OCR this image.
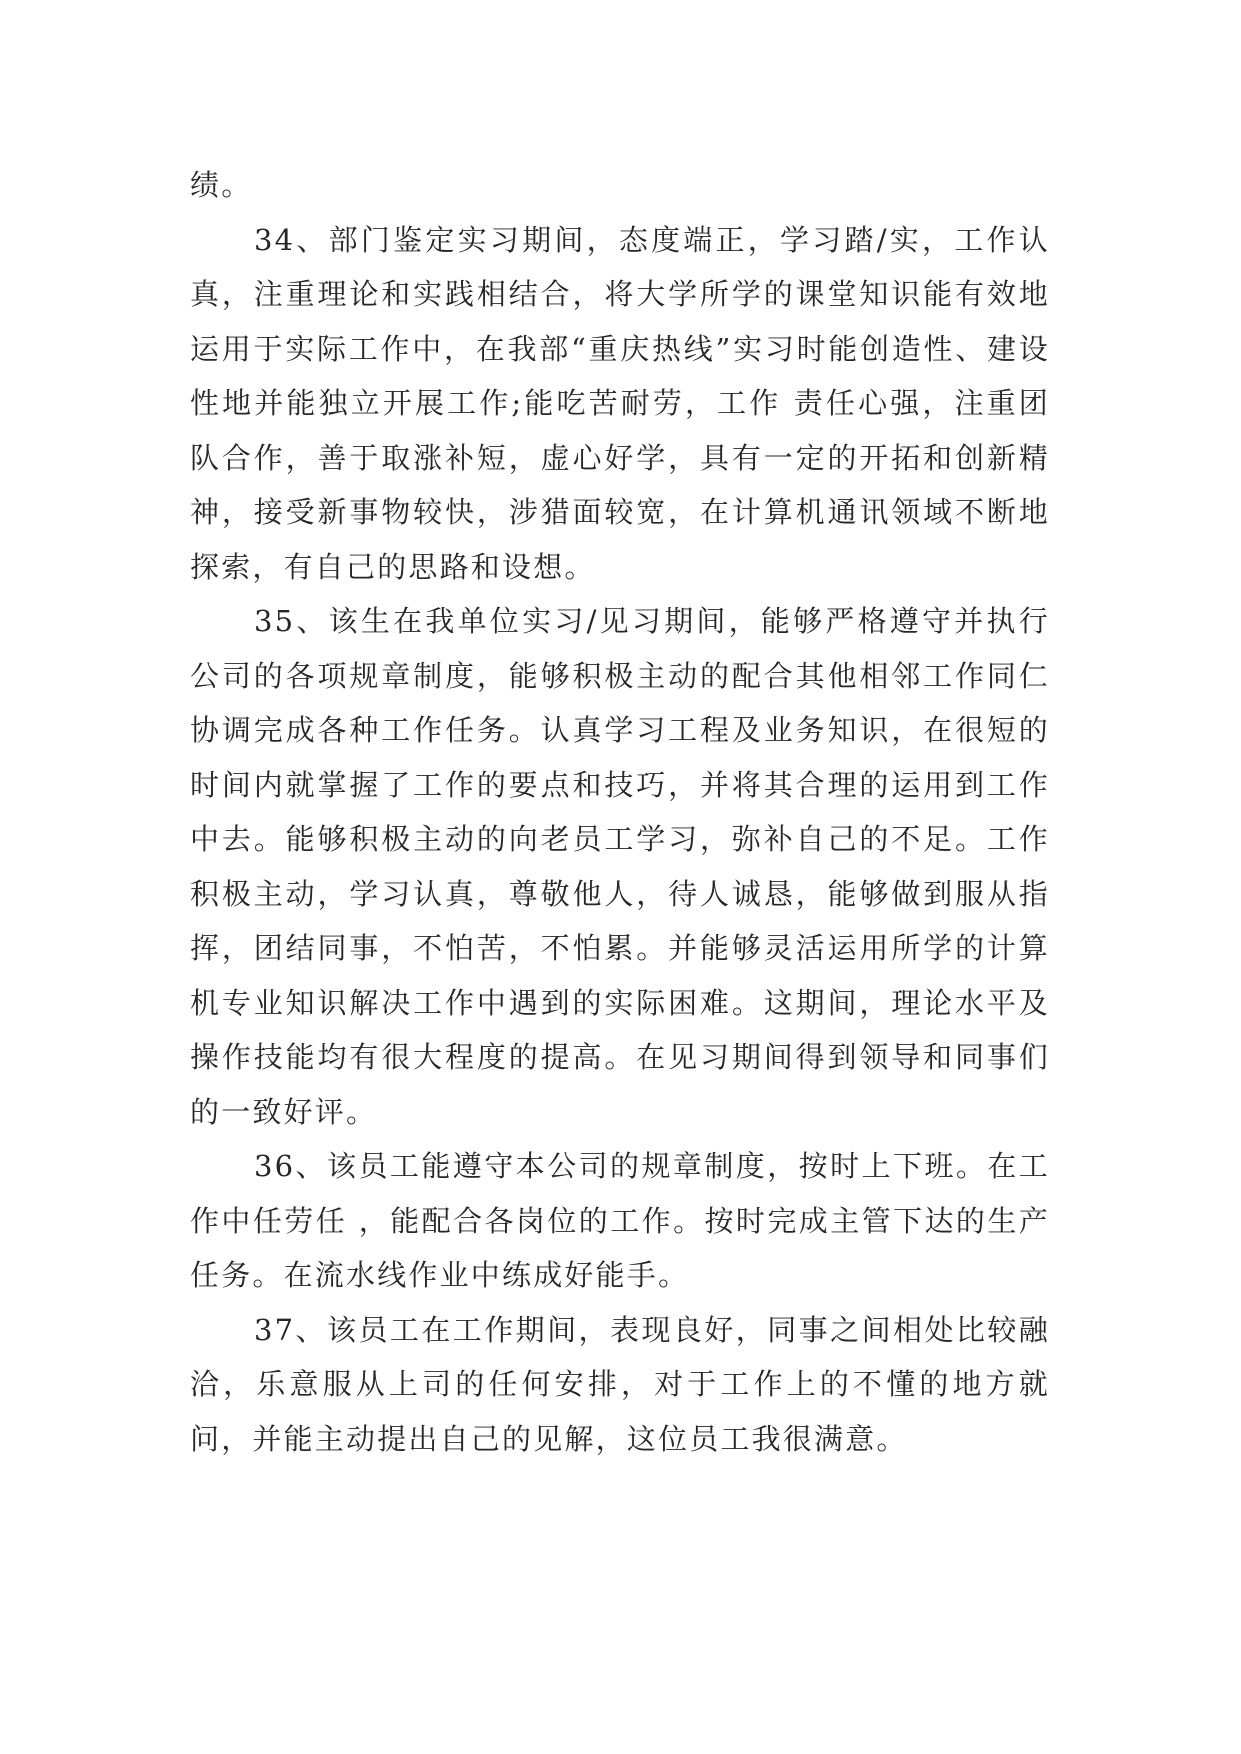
绩。

34、部门鉴定实习期间，态度端正，学习踏/实，工作认真，注重理论和实践相结合，将大学所学的课堂知识能有效地运用于实际工作中，在我部“重庆热线”实习时能创造性、建设性地并能独立开展工作;能吃苦耐劳，工作 责任心强，注重团队合作，善于取涨补短，虚心好学，具有一定的开拓和创新精神，接受新事物较快，涉猎面较宽，在计算机通讯领域不断地探索，有自己的思路和设想。

35、该生在我单位实习/见习期间，能够严格遵守并执行公司的各项规章制度，能够积极主动的配合其他相邻工作同仁协调完成各种工作任务。认真学习工程及业务知识，在很短的时间内就掌握了工作的要点和技巧，并将其合理的运用到工作中去。能够积极主动的向老员工学习，弥补自己的不足。工作积极主动，学习认真，尊敬他人，待人诚恳，能够做到服从指挥，团结同事，不怕苦，不怕累。并能够灵活运用所学的计算机专业知识解决工作中遇到的实际困难。这期间，理论水平及操作技能均有很大程度的提高。在见习期间得到领导和同事们的一致好评。

36、该员工能遵守本公司的规章制度，按时上下班。在工作中任劳任 ，能配合各岗位的工作。按时完成主管下达的生产任务。在流水线作业中练成好能手。

37、该员工在工作期间，表现良好，同事之间相处比较融洽，乐意服从上司的任何安排，对于工作上的不懂的地方就问，并能主动提出自己的见解，这位员工我很满意。
